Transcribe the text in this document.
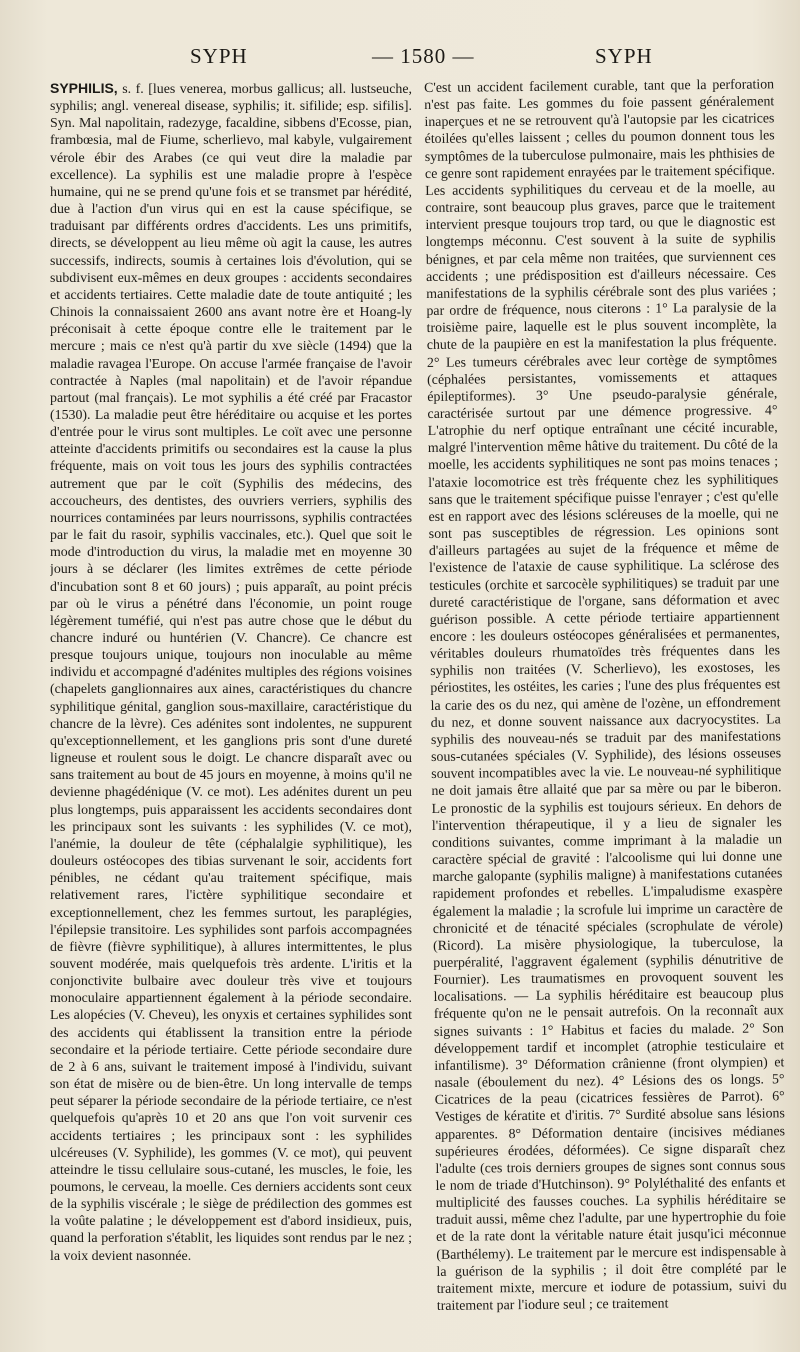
SYPH	— 1580 —	SYPH

SYPHILIS, s. f. [lues venerea, morbus gallicus; all. lustseuche, syphilis; angl. venereal disease, syphilis; it. sifilide; esp. sifilis]. Syn. Mal napolitain, radezyge, facaldine, sibbens d'Ecosse, pian, frambœsia, mal de Fiume, scherlievo, mal kabyle, vulgairement vérole ébir des Arabes (ce qui veut dire la maladie par excellence). La syphilis est une maladie propre à l'espèce humaine, qui ne se prend qu'une fois et se transmet par hérédité, due à l'action d'un virus qui en est la cause spécifique, se traduisant par différents ordres d'accidents. Les uns primitifs, directs, se développent au lieu même où agit la cause, les autres successifs, indirects, soumis à certaines lois d'évolution, qui se subdivisent eux-mêmes en deux groupes : accidents secondaires et accidents tertiaires. Cette maladie date de toute antiquité ; les Chinois la connaissaient 2600 ans avant notre ère et Hoang-ly préconisait à cette époque contre elle le traitement par le mercure ; mais ce n'est qu'à partir du xve siècle (1494) que la maladie ravagea l'Europe. On accuse l'armée française de l'avoir contractée à Naples (mal napolitain) et de l'avoir répandue partout (mal français). Le mot syphilis a été créé par Fracastor (1530). La maladie peut être héréditaire ou acquise et les portes d'entrée pour le virus sont multiples. Le coït avec une personne atteinte d'accidents primitifs ou secondaires est la cause la plus fréquente, mais on voit tous les jours des syphilis contractées autrement que par le coït (Syphilis des médecins, des accoucheurs, des dentistes, des ouvriers verriers, syphilis des nourrices contaminées par leurs nourrissons, syphilis contractées par le fait du rasoir, syphilis vaccinales, etc.). Quel que soit le mode d'introduction du virus, la maladie met en moyenne 30 jours à se déclarer (les limites extrêmes de cette période d'incubation sont 8 et 60 jours) ; puis apparaît, au point précis par où le virus a pénétré dans l'économie, un point rouge légèrement tuméfié, qui n'est pas autre chose que le début du chancre induré ou huntérien (V. Chancre). Ce chancre est presque toujours unique, toujours non inoculable au même individu et accompagné d'adénites multiples des régions voisines (chapelets ganglionnaires aux aines, caractéristiques du chancre syphilitique génital, ganglion sous-maxillaire, caractéristique du chancre de la lèvre). Ces adénites sont indolentes, ne suppurent qu'exceptionnellement, et les ganglions pris sont d'une dureté ligneuse et roulent sous le doigt. Le chancre disparaît avec ou sans traitement au bout de 45 jours en moyenne, à moins qu'il ne devienne phagédénique (V. ce mot). Les adénites durent un peu plus longtemps, puis apparaissent les accidents secondaires dont les principaux sont les suivants : les syphilides (V. ce mot), l'anémie, la douleur de tête (céphalalgie syphilitique), les douleurs ostéocopes des tibias survenant le soir, accidents fort pénibles, ne cédant qu'au traitement spécifique, mais relativement rares, l'ictère syphilitique secondaire et exceptionnellement, chez les femmes surtout, les paraplégies, l'épilepsie transitoire. Les syphilides sont parfois accompagnées de fièvre (fièvre syphilitique), à allures intermittentes, le plus souvent modérée, mais quelquefois très ardente. L'iritis et la conjonctivite bulbaire avec douleur très vive et toujours monoculaire appartiennent également à la période secondaire. Les alopécies (V. Cheveu), les onyxis et certaines syphilides sont des accidents qui établissent la transition entre la période secondaire et la période tertiaire. Cette période secondaire dure de 2 à 6 ans, suivant le traitement imposé à l'individu, suivant son état de misère ou de bien-être. Un long intervalle de temps peut séparer la période secondaire de la période tertiaire, ce n'est quelquefois qu'après 10 et 20 ans que l'on voit survenir ces accidents tertiaires ; les principaux sont : les syphilides ulcéreuses (V. Syphilide), les gommes (V. ce mot), qui peuvent atteindre le tissu cellulaire sous-cutané, les muscles, le foie, les poumons, le cerveau, la moelle. Ces derniers accidents sont ceux de la syphilis viscérale ; le siège de prédilection des gommes est la voûte palatine ; le développement est d'abord insidieux, puis, quand la perforation s'établit, les liquides sont rendus par le nez ; la voix devient nasonnée.

C'est un accident facilement curable, tant que la perforation n'est pas faite. Les gommes du foie passent généralement inaperçues et ne se retrouvent qu'à l'autopsie par les cicatrices étoilées qu'elles laissent ; celles du poumon donnent tous les symptômes de la tuberculose pulmonaire, mais les phthisies de ce genre sont rapidement enrayées par le traitement spécifique. Les accidents syphilitiques du cerveau et de la moelle, au contraire, sont beaucoup plus graves, parce que le traitement intervient presque toujours trop tard, ou que le diagnostic est longtemps méconnu. C'est souvent à la suite de syphilis bénignes, et par cela même non traitées, que surviennent ces accidents ; une prédisposition est d'ailleurs nécessaire. Ces manifestations de la syphilis cérébrale sont des plus variées ; par ordre de fréquence, nous citerons : 1° La paralysie de la troisième paire, laquelle est le plus souvent incomplète, la chute de la paupière en est la manifestation la plus fréquente. 2° Les tumeurs cérébrales avec leur cortège de symptômes (céphalées persistantes, vomissements et attaques épileptiformes). 3° Une pseudo-paralysie générale, caractérisée surtout par une démence progressive. 4° L'atrophie du nerf optique entraînant une cécité incurable, malgré l'intervention même hâtive du traitement. Du côté de la moelle, les accidents syphilitiques ne sont pas moins tenaces ; l'ataxie locomotrice est très fréquente chez les syphilitiques sans que le traitement spécifique puisse l'enrayer ; c'est qu'elle est en rapport avec des lésions scléreuses de la moelle, qui ne sont pas susceptibles de régression. Les opinions sont d'ailleurs partagées au sujet de la fréquence et même de l'existence de l'ataxie de cause syphilitique. La sclérose des testicules (orchite et sarcocèle syphilitiques) se traduit par une dureté caractéristique de l'organe, sans déformation et avec guérison possible. A cette période tertiaire appartiennent encore : les douleurs ostéocopes généralisées et permanentes, véritables douleurs rhumatoïdes très fréquentes dans les syphilis non traitées (V. Scherlievo), les exostoses, les périostites, les ostéites, les caries ; l'une des plus fréquentes est la carie des os du nez, qui amène de l'ozène, un effondrement du nez, et donne souvent naissance aux dacryocystites. La syphilis des nouveau-nés se traduit par des manifestations sous-cutanées spéciales (V. Syphilide), des lésions osseuses souvent incompatibles avec la vie. Le nouveau-né syphilitique ne doit jamais être allaité que par sa mère ou par le biberon. Le pronostic de la syphilis est toujours sérieux. En dehors de l'intervention thérapeutique, il y a lieu de signaler les conditions suivantes, comme imprimant à la maladie un caractère spécial de gravité : l'alcoolisme qui lui donne une marche galopante (syphilis maligne) à manifestations cutanées rapidement profondes et rebelles. L'impaludisme exaspère également la maladie ; la scrofule lui imprime un caractère de chronicité et de ténacité spéciales (scrophulate de vérole) (Ricord). La misère physiologique, la tuberculose, la puerpéralité, l'aggravent également (syphilis dénutritive de Fournier). Les traumatismes en provoquent souvent les localisations. — La syphilis héréditaire est beaucoup plus fréquente qu'on ne le pensait autrefois. On la reconnaît aux signes suivants : 1° Habitus et facies du malade. 2° Son développement tardif et incomplet (atrophie testiculaire et infantilisme). 3° Déformation crânienne (front olympien) et nasale (éboulement du nez). 4° Lésions des os longs. 5° Cicatrices de la peau (cicatrices fessières de Parrot). 6° Vestiges de kératite et d'iritis. 7° Surdité absolue sans lésions apparentes. 8° Déformation dentaire (incisives médianes supérieures érodées, déformées). Ce signe disparaît chez l'adulte (ces trois derniers groupes de signes sont connus sous le nom de triade d'Hutchinson). 9° Polyléthalité des enfants et multiplicité des fausses couches. La syphilis héréditaire se traduit aussi, même chez l'adulte, par une hypertrophie du foie et de la rate dont la véritable nature était jusqu'ici méconnue (Barthélemy). Le traitement par le mercure est indispensable à la guérison de la syphilis ; il doit être complété par le traitement mixte, mercure et iodure de potassium, suivi du traitement par l'iodure seul ; ce traitement
